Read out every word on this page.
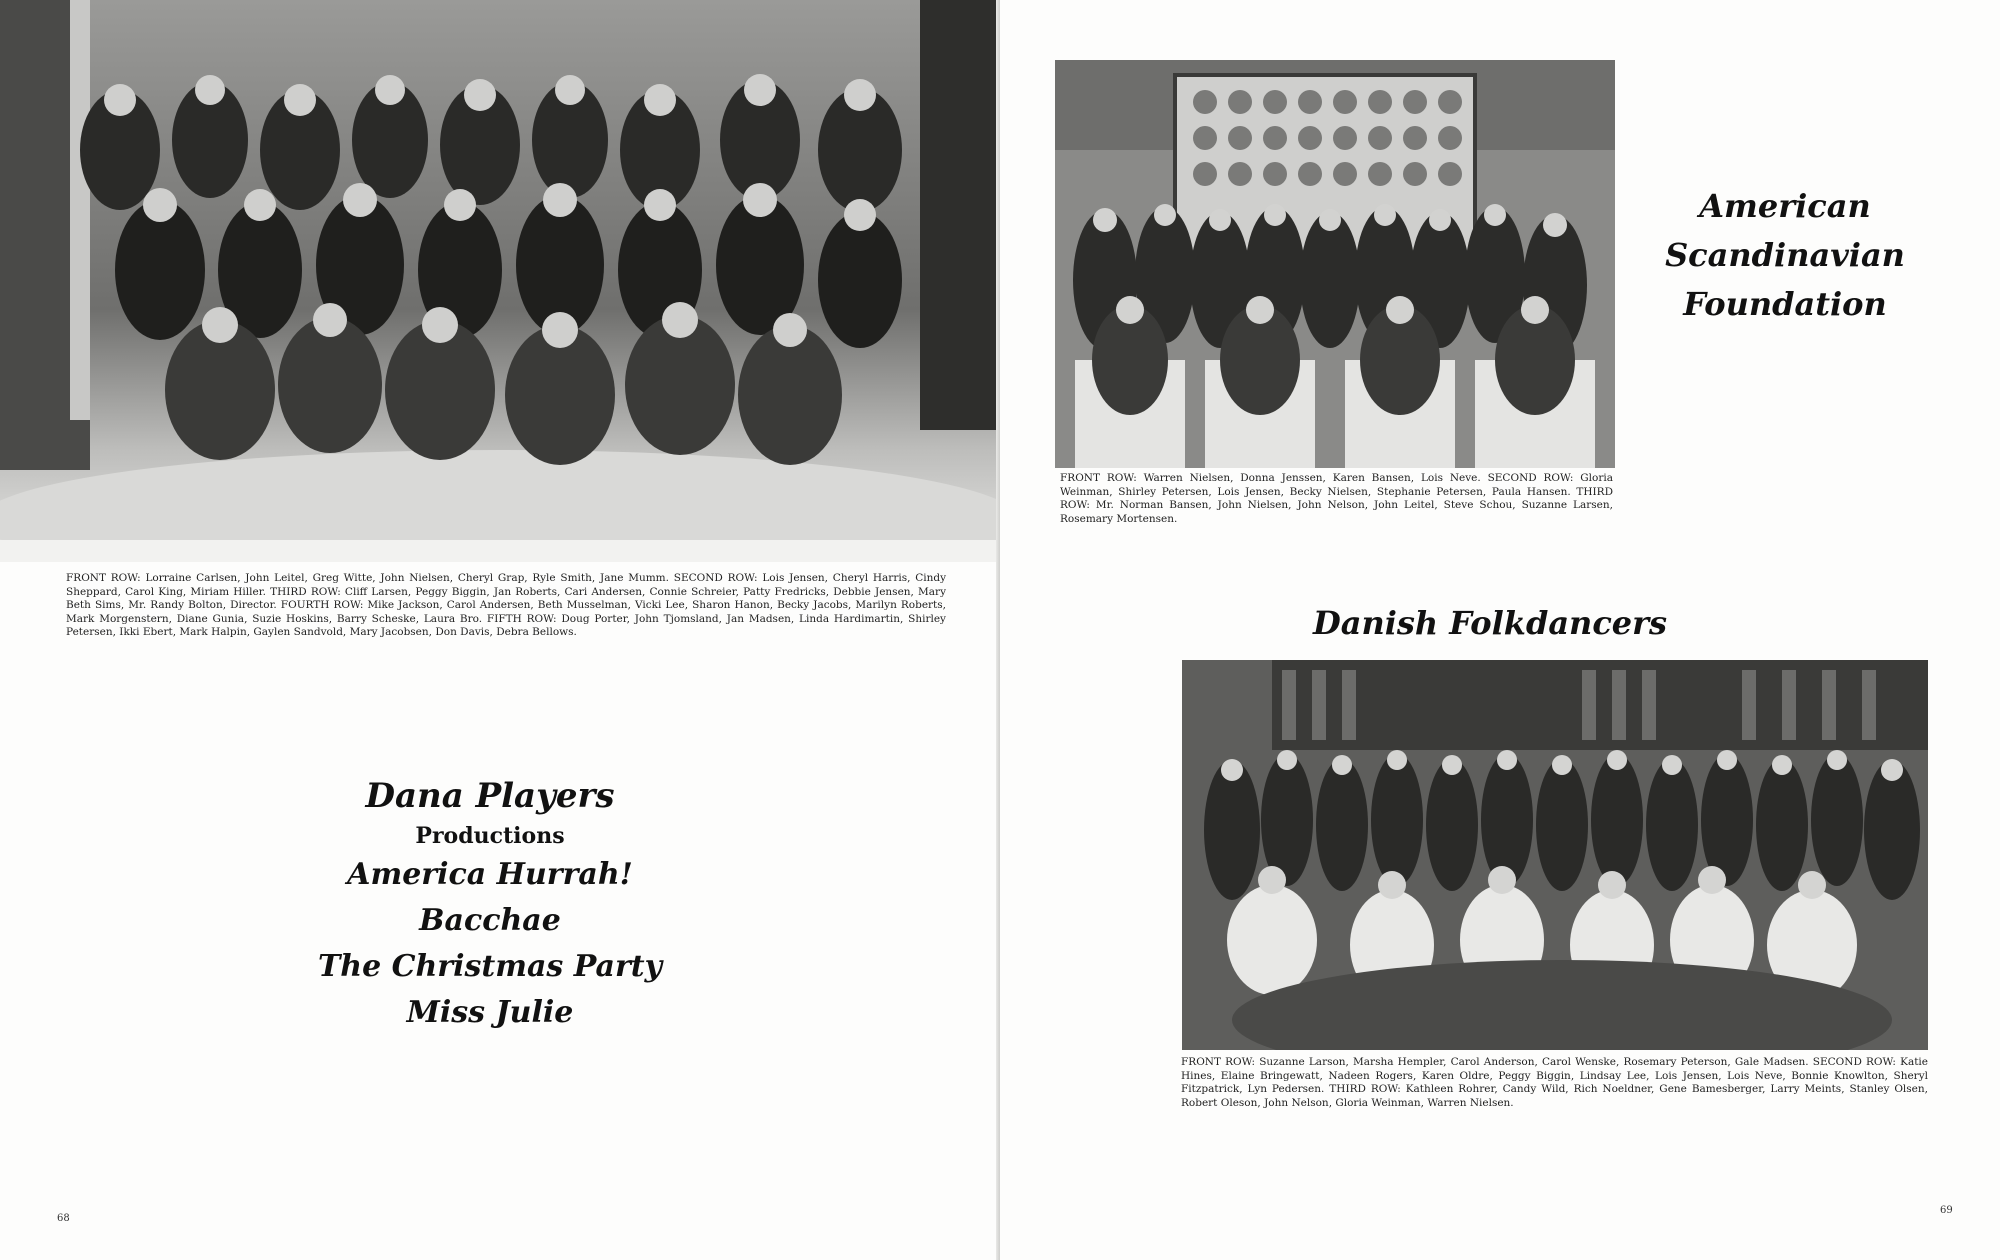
FRONT ROW: Lorraine Carlsen, John Leitel, Greg Witte, John Nielsen, Cheryl Grap, Ryle Smith, Jane Mumm. SECOND ROW: Lois Jensen, Cheryl Harris, Cindy Sheppard, Carol King, Miriam Hiller. THIRD ROW: Cliff Larsen, Peggy Biggin, Jan Roberts, Cari Andersen, Connie Schreier, Patty Fredricks, Debbie Jensen, Mary Beth Sims, Mr. Randy Bolton, Director. FOURTH ROW: Mike Jackson, Carol Andersen, Beth Musselman, Vicki Lee, Sharon Hanon, Becky Jacobs, Marilyn Roberts, Mark Morgenstern, Diane Gunia, Suzie Hoskins, Barry Scheske, Laura Bro. FIFTH ROW: Doug Porter, John Tjomsland, Jan Madsen, Linda Hardimartin, Shirley Petersen, Ikki Ebert, Mark Halpin, Gaylen Sandvold, Mary Jacobsen, Don Davis, Debra Bellows.

Dana Players
Productions
America Hurrah!
Bacchae
The Christmas Party
Miss Julie
68

FRONT ROW: Warren Nielsen, Donna Jenssen, Karen Bansen, Lois Neve. SECOND ROW: Gloria Weinman, Shirley Petersen, Lois Jensen, Becky Nielsen, Stephanie Petersen, Paula Hansen. THIRD ROW: Mr. Norman Bansen, John Nielsen, John Nelson, John Leitel, Steve Schou, Suzanne Larsen, Rosemary Mortensen.

American
Scandinavian
Foundation
Danish Folkdancers

FRONT ROW: Suzanne Larson, Marsha Hempler, Carol Anderson, Carol Wenske, Rosemary Peterson, Gale Madsen. SECOND ROW: Katie Hines, Elaine Bringewatt, Nadeen Rogers, Karen Oldre, Peggy Biggin, Lindsay Lee, Lois Jensen, Lois Neve, Bonnie Knowlton, Sheryl Fitzpatrick, Lyn Pedersen. THIRD ROW: Kathleen Rohrer, Candy Wild, Rich Noeldner, Gene Bamesberger, Larry Meints, Stanley Olsen, Robert Oleson, John Nelson, Gloria Weinman, Warren Nielsen.

69
